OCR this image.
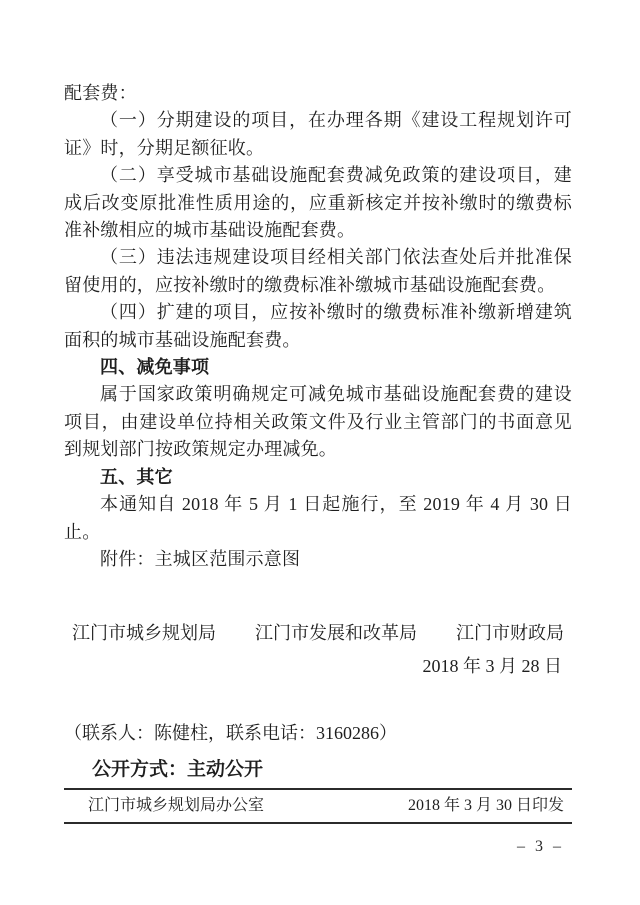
配套费：

（一）分期建设的项目，在办理各期《建设工程规划许可证》时，分期足额征收。

（二）享受城市基础设施配套费减免政策的建设项目，建成后改变原批准性质用途的，应重新核定并按补缴时的缴费标准补缴相应的城市基础设施配套费。

（三）违法违规建设项目经相关部门依法查处后并批准保留使用的，应按补缴时的缴费标准补缴城市基础设施配套费。

（四）扩建的项目，应按补缴时的缴费标准补缴新增建筑面积的城市基础设施配套费。

四、减免事项

属于国家政策明确规定可减免城市基础设施配套费的建设项目，由建设单位持相关政策文件及行业主管部门的书面意见到规划部门按政策规定办理减免。

五、其它

本通知自 2018 年 5 月 1 日起施行，至 2019 年 4 月 30 日止。

附件：主城区范围示意图

江门市城乡规划局 江门市发展和改革局 江门市财政局
2018 年 3 月 28 日

（联系人：陈健柱，联系电话：3160286）

公开方式：主动公开

江门市城乡规划局办公室	2018 年 3 月 30 日印发
– 3 –
